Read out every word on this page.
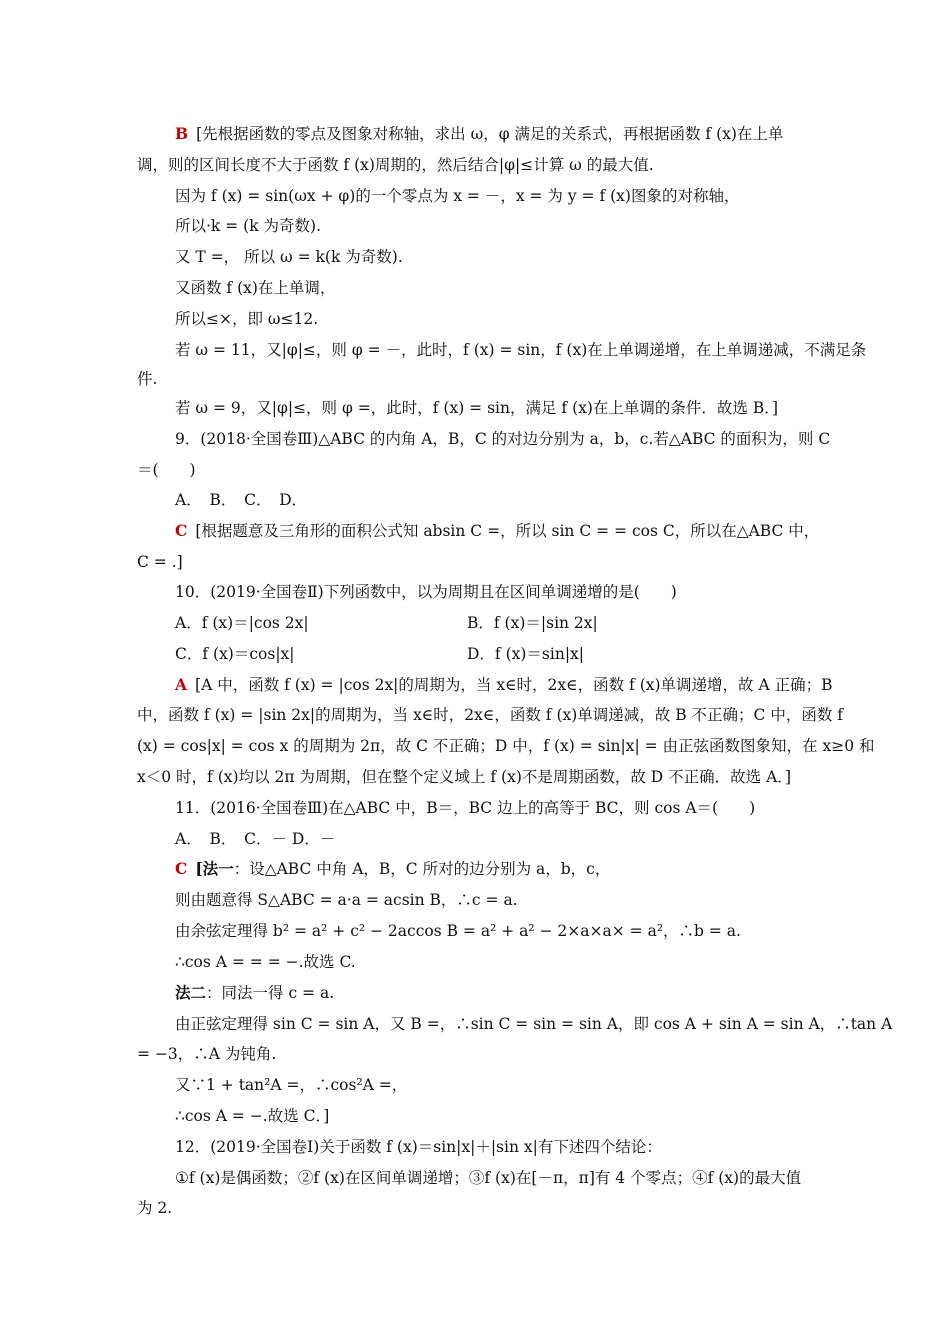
B [先根据函数的零点及图象对称轴，求出 ω，φ 满足的关系式，再根据函数 f (x)在上单
调，则的区间长度不大于函数 f (x)周期的，然后结合|φ|≤计算 ω 的最大值.
因为 f (x) = sin(ωx + φ)的一个零点为 x = －，x = 为 y = f (x)图象的对称轴，
所以·k = (k 为奇数).
又 T =， 所以 ω = k(k 为奇数).
又函数 f (x)在上单调，
所以≤×，即 ω≤12.
若 ω = 11，又|φ|≤，则 φ = －，此时，f (x) = sin，f (x)在上单调递增，在上单调递减，不满足条
件.
若 ω = 9，又|φ|≤，则 φ =，此时，f (x) = sin，满足 f (x)在上单调的条件．故选 B．]
9．(2018·全国卷Ⅲ)△ABC 的内角 A，B，C 的对边分别为 a，b，c.若△ABC 的面积为，则 C
＝(　　)
A．　B．　C．　D．
C [根据题意及三角形的面积公式知 absin C =，所以 sin C = = cos C，所以在△ABC 中，
C = .]
10．(2019·全国卷Ⅱ)下列函数中，以为周期且在区间单调递增的是(　　)
A．f (x)＝|cos 2x|	B．f (x)＝|sin 2x|
C．f (x)＝cos|x|	D．f (x)＝sin|x|
A [A 中，函数 f (x) = |cos 2x|的周期为，当 x∈时，2x∈，函数 f (x)单调递增，故 A 正确；B
中，函数 f (x) = |sin 2x|的周期为，当 x∈时，2x∈，函数 f (x)单调递减，故 B 不正确；C 中，函数 f
(x) = cos|x| = cos x 的周期为 2π，故 C 不正确；D 中，f (x) = sin|x| = 由正弦函数图象知，在 x≥0 和
x＜0 时，f (x)均以 2π 为周期，但在整个定义域上 f (x)不是周期函数，故 D 不正确．故选 A．]
11．(2016·全国卷Ⅲ)在△ABC 中，B＝，BC 边上的高等于 BC，则 cos A＝(　　)
A．　B．　C．－ D．－
C [法一：设△ABC 中角 A，B，C 所对的边分别为 a，b，c，
则由题意得 S△ABC = a·a = acsin B，∴c = a.
由余弦定理得 b² = a² + c² − 2accos B = a² + a² − 2×a×a× = a²，∴b = a.
∴cos A = = = −.故选 C.
法二：同法一得 c = a.
由正弦定理得 sin C = sin A，又 B =，∴sin C = sin = sin A，即 cos A + sin A = sin A，∴tan A
= −3，∴A 为钝角.
又∵1 + tan²A =，∴cos²A =，
∴cos A = −.故选 C．]
12．(2019·全国卷Ⅰ)关于函数 f (x)＝sin|x|＋|sin x|有下述四个结论：
①f (x)是偶函数；②f (x)在区间单调递增；③f (x)在[－π，π]有 4 个零点；④f (x)的最大值
为 2.
